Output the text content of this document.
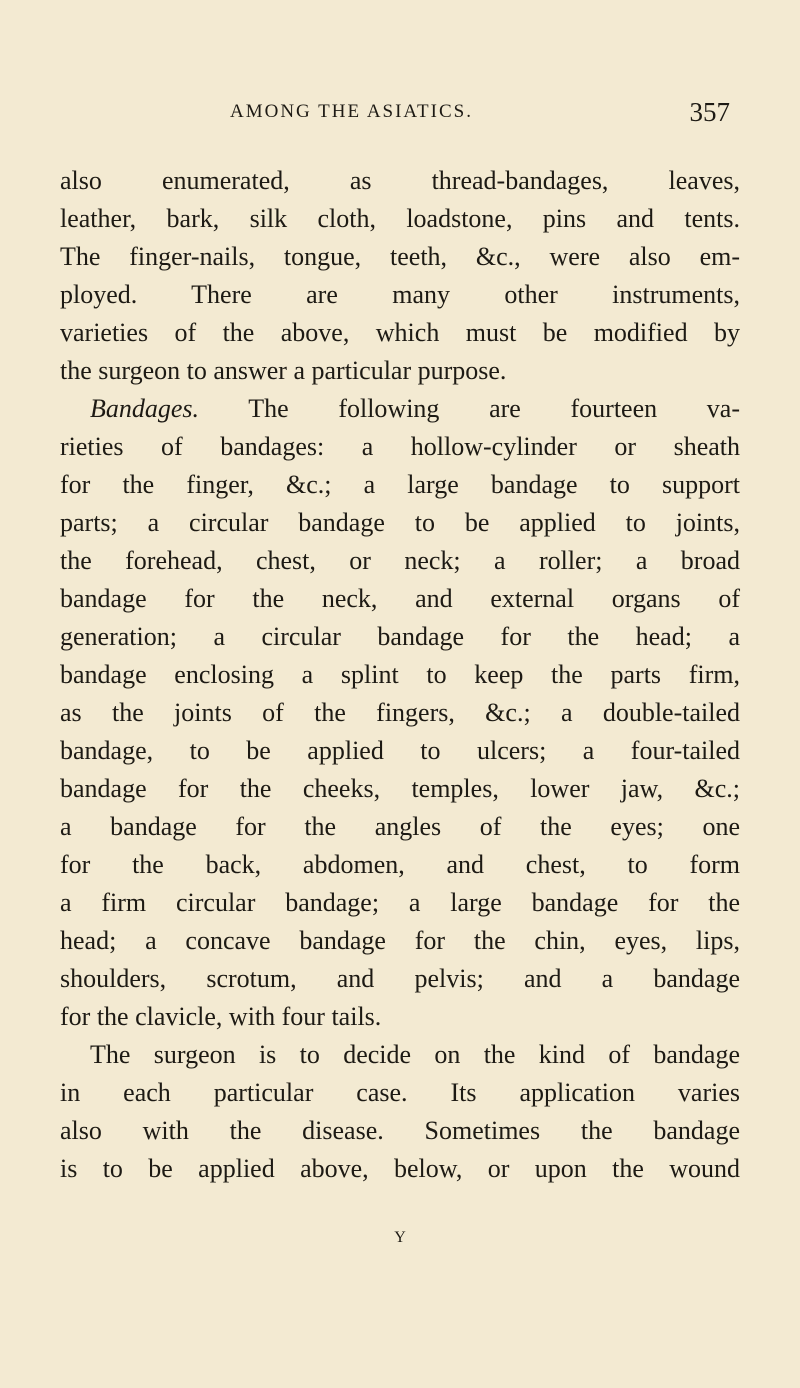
AMONG THE ASIATICS.	357
also enumerated, as thread-bandages, leaves,
leather, bark, silk cloth, loadstone, pins and tents.
The finger-nails, tongue, teeth, &c., were also em-
ployed. There are many other instruments,
varieties of the above, which must be modified by
the surgeon to answer a particular purpose.
Bandages. The following are fourteen va-
rieties of bandages: a hollow-cylinder or sheath
for the finger, &c.; a large bandage to support
parts; a circular bandage to be applied to joints,
the forehead, chest, or neck; a roller; a broad
bandage for the neck, and external organs of
generation; a circular bandage for the head; a
bandage enclosing a splint to keep the parts firm,
as the joints of the fingers, &c.; a double-tailed
bandage, to be applied to ulcers; a four-tailed
bandage for the cheeks, temples, lower jaw, &c.;
a bandage for the angles of the eyes; one
for the back, abdomen, and chest, to form
a firm circular bandage; a large bandage for the
head; a concave bandage for the chin, eyes, lips,
shoulders, scrotum, and pelvis; and a bandage
for the clavicle, with four tails.
The surgeon is to decide on the kind of bandage
in each particular case. Its application varies
also with the disease. Sometimes the bandage
is to be applied above, below, or upon the wound
Y
